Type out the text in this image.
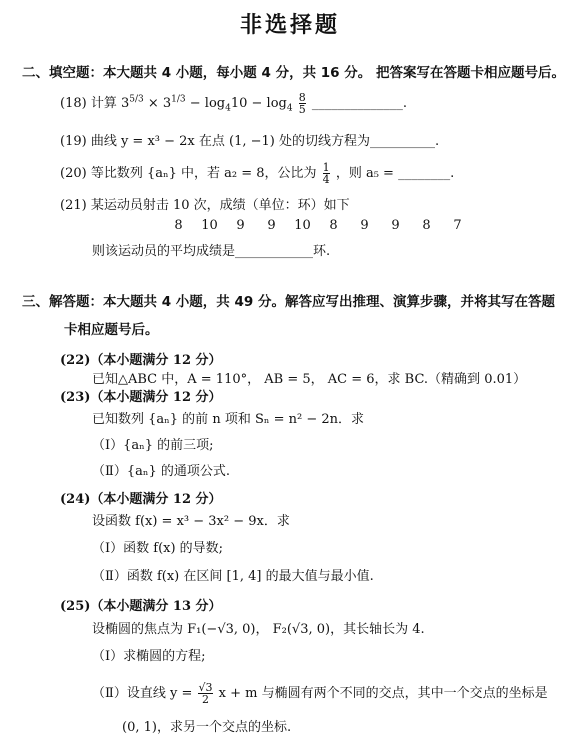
非选择题
二、填空题：本大题共 4 小题，每小题 4 分，共 16 分。 把答案写在答题卡相应题号后。
(18) 计算 $3^{5/3} \times 3^{1/3} - \log_410 - \log_4 \frac{8}{5}$ ______________.
(19) 曲线 y = x³ − 2x 在点 (1, −1) 处的切线方程为__________.
(20) 等比数列 {aₙ} 中，若 a₂ = 8，公比为 $\frac{1}{4}$ ，则 a₅ = ________.
(21) 某运动员射击 10 次，成绩（单位：环）如下
8 10 9 9 10 8 9 9 8 7
则该运动员的平均成绩是____________环.
三、解答题：本大题共 4 小题，共 49 分。解答应写出推理、演算步骤，并将其写在答题
卡相应题号后。
(22)（本小题满分 12 分）
已知△ABC 中，A = 110°， AB = 5， AC = 6，求 BC.（精确到 0.01）
(23)（本小题满分 12 分）
已知数列 {aₙ} 的前 n 项和 Sₙ = n² − 2n．求
（Ⅰ）{aₙ} 的前三项;
（Ⅱ）{aₙ} 的通项公式.
(24)（本小题满分 12 分）
设函数 f(x) = x³ − 3x² − 9x．求
（Ⅰ）函数 f(x) 的导数;
（Ⅱ）函数 f(x) 在区间 [1, 4] 的最大值与最小值.
(25)（本小题满分 13 分）
设椭圆的焦点为 F₁(−√3, 0)， F₂(√3, 0)，其长轴长为 4.
（Ⅰ）求椭圆的方程;
（Ⅱ）设直线 $y = \frac{√3}{2}$ x + m 与椭圆有两个不同的交点，其中一个交点的坐标是
(0, 1)，求另一个交点的坐标.
